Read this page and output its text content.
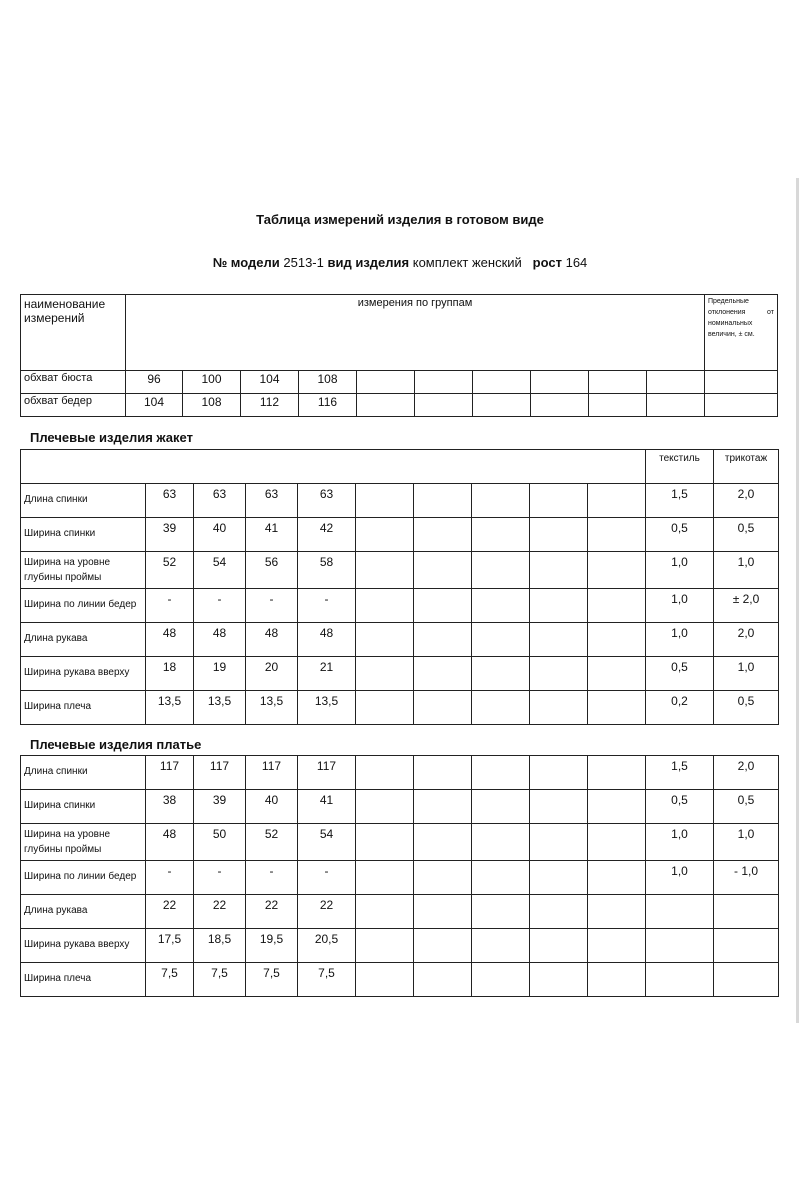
Таблица измерений изделия в готовом виде
№ модели 2513-1 вид изделия комплект женский рост 164
наименование измерений	измерения по группам										Предельные отклонения от номинальных величин, ± см.
обхват бюста	96	100	104	108							
обхват бедер	104	108	112	116							
Плечевые изделия жакет
										текстиль	трикотаж
Длина спинки	63	63	63	63						1,5	2,0
Ширина спинки	39	40	41	42						0,5	0,5
Ширина на уровне глубины проймы	52	54	56	58						1,0	1,0
Ширина по линии бедер	-	-	-	-						1,0	± 2,0
Длина рукава	48	48	48	48						1,0	2,0
Ширина рукава вверху	18	19	20	21						0,5	1,0
Ширина плеча	13,5	13,5	13,5	13,5						0,2	0,5
Плечевые изделия платье
Длина спинки	117	117	117	117						1,5	2,0
Ширина спинки	38	39	40	41						0,5	0,5
Ширина на уровне глубины проймы	48	50	52	54						1,0	1,0
Ширина по линии бедер	-	-	-	-						1,0	- 1,0
Длина рукава	22	22	22	22							
Ширина рукава вверху	17,5	18,5	19,5	20,5							
Ширина плеча	7,5	7,5	7,5	7,5							
